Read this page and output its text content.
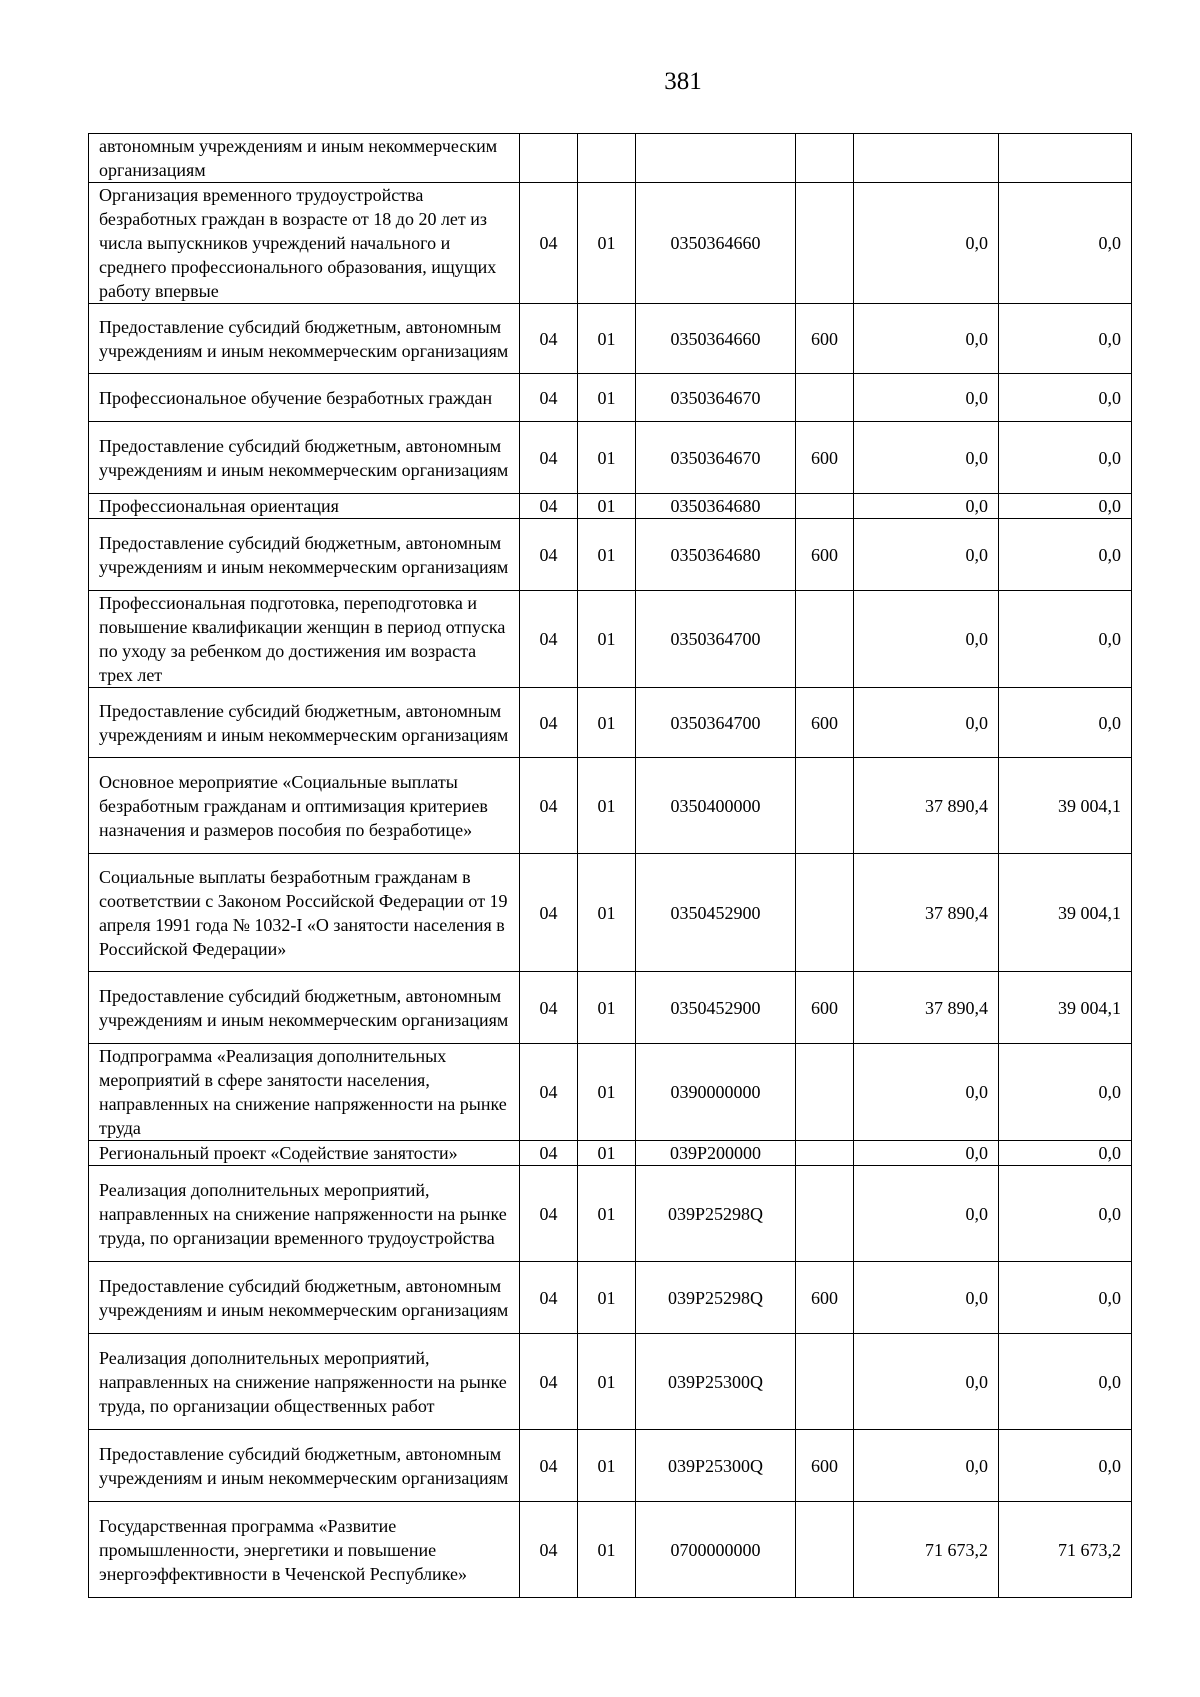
381
автономным учреждениям и иным некоммерческим организациям						
Организация временного трудоустройства безработных граждан в возрасте от 18 до 20 лет из числа выпускников учреждений начального и среднего профессионального образования, ищущих работу впервые	04	01	0350364660		0,0	0,0
Предоставление субсидий бюджетным, автономным учреждениям и иным некоммерческим организациям	04	01	0350364660	600	0,0	0,0
Профессиональное обучение безработных граждан	04	01	0350364670		0,0	0,0
Предоставление субсидий бюджетным, автономным учреждениям и иным некоммерческим организациям	04	01	0350364670	600	0,0	0,0
Профессиональная ориентация	04	01	0350364680		0,0	0,0
Предоставление субсидий бюджетным, автономным учреждениям и иным некоммерческим организациям	04	01	0350364680	600	0,0	0,0
Профессиональная подготовка, переподготовка и повышение квалификации женщин в период отпуска по уходу за ребенком до достижения им возраста трех лет	04	01	0350364700		0,0	0,0
Предоставление субсидий бюджетным, автономным учреждениям и иным некоммерческим организациям	04	01	0350364700	600	0,0	0,0
Основное мероприятие «Социальные выплаты безработным гражданам и оптимизация критериев назначения и размеров пособия по безработице»	04	01	0350400000		37 890,4	39 004,1
Социальные выплаты безработным гражданам в соответствии с Законом Российской Федерации от 19 апреля 1991 года № 1032-I «О занятости населения в Российской Федерации»	04	01	0350452900		37 890,4	39 004,1
Предоставление субсидий бюджетным, автономным учреждениям и иным некоммерческим организациям	04	01	0350452900	600	37 890,4	39 004,1
Подпрограмма «Реализация дополнительных мероприятий в сфере занятости населения, направленных на снижение напряженности на рынке труда	04	01	0390000000		0,0	0,0
Региональный проект «Содействие занятости»	04	01	039P200000		0,0	0,0
Реализация дополнительных мероприятий, направленных на снижение напряженности на рынке труда, по организации временного трудоустройства	04	01	039P25298Q		0,0	0,0
Предоставление субсидий бюджетным, автономным учреждениям и иным некоммерческим организациям	04	01	039P25298Q	600	0,0	0,0
Реализация дополнительных мероприятий, направленных на снижение напряженности на рынке труда, по организации общественных работ	04	01	039P25300Q		0,0	0,0
Предоставление субсидий бюджетным, автономным учреждениям и иным некоммерческим организациям	04	01	039P25300Q	600	0,0	0,0
Государственная программа «Развитие промышленности, энергетики и повышение энергоэффективности в Чеченской Республике»	04	01	0700000000		71 673,2	71 673,2
